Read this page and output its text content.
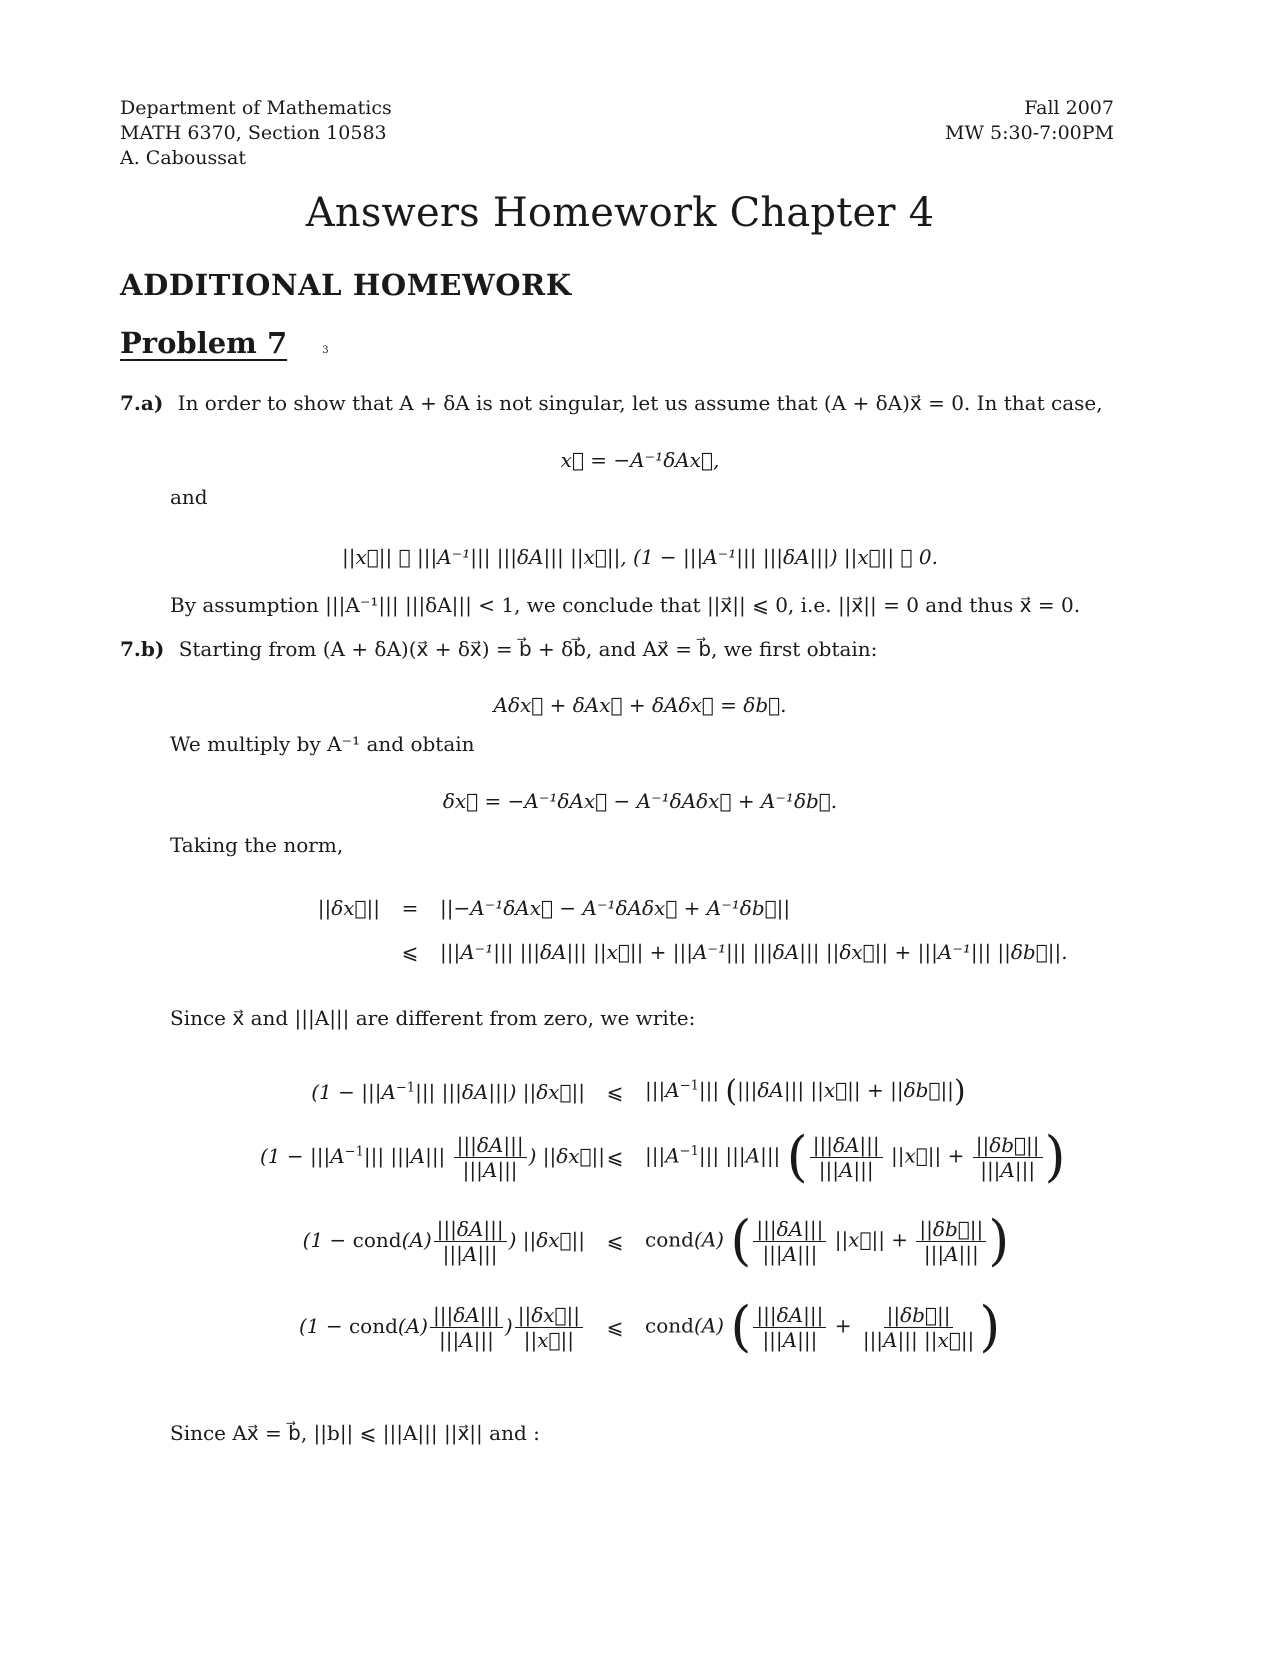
Department of Mathematics
MATH 6370, Section 10583
A. Caboussat
Fall 2007
MW 5:30-7:00PM
Answers Homework Chapter 4
ADDITIONAL HOMEWORK
Problem 7	3
7.a) In order to show that A + δA is not singular, let us assume that (A + δA)x⃗ = 0. In that case,
x⃗ = −A⁻¹δAx⃗,
and
||x⃗|| ⩽ |||A⁻¹||| |||δA||| ||x⃗||, (1 − |||A⁻¹||| |||δA|||) ||x⃗|| ⩽ 0.
By assumption |||A⁻¹||| |||δA||| < 1, we conclude that ||x⃗|| ⩽ 0, i.e. ||x⃗|| = 0 and thus x⃗ = 0.
7.b) Starting from (A + δA)(x⃗ + δx⃗) = b⃗ + δb⃗, and Ax⃗ = b⃗, we first obtain:
Aδx⃗ + δAx⃗ + δAδx⃗ = δb⃗.
We multiply by A⁻¹ and obtain
δx⃗ = −A⁻¹δAx⃗ − A⁻¹δAδx⃗ + A⁻¹δb⃗.
Taking the norm,
||δx⃗||	=	||−A⁻¹δAx⃗ − A⁻¹δAδx⃗ + A⁻¹δb⃗||
⩽	|||A⁻¹||| |||δA||| ||x⃗|| + |||A⁻¹||| |||δA||| ||δx⃗|| + |||A⁻¹||| ||δb⃗||.
Since x⃗ and |||A||| are different from zero, we write:
($1 - |||A^{-1}|||$ |||δA|||) ||δx⃗||	⩽	$|||A^{-1}|||$ (|||δA||| ||x⃗|| + ||δb⃗||)
($1 - |||A^{-1}|||$ $|||A||| \frac{|||\delta A|||}{|||A|||}$ ) ||δx⃗|| ⩽	$|||A^{-1}|||$ |||A||| ( $\frac{|||\delta A|||}{|||A|||}$ ||x⃗|| + $\frac{||\delta b⃗||}{|||A|||}$ )
(1 − cond(A) $\frac{|||\delta A|||}{|||A|||}$ ) ||δx⃗||	⩽	cond(A) ( $\frac{|||\delta A|||}{|||A|||}$ ||x⃗|| + $\frac{||\delta b⃗||}{|||A|||}$ )
(1 − cond(A) $\frac{|||\delta A|||}{|||A|||}$ ) $\frac{||\delta x⃗||}{||x⃗||}$	⩽	cond(A) ( $\frac{|||\delta A|||}{|||A|||} + \frac{||\delta b⃗||}{|||A||| ||x⃗||}$ )
Since Ax⃗ = b⃗, ||b|| ⩽ |||A||| ||x⃗|| and :
